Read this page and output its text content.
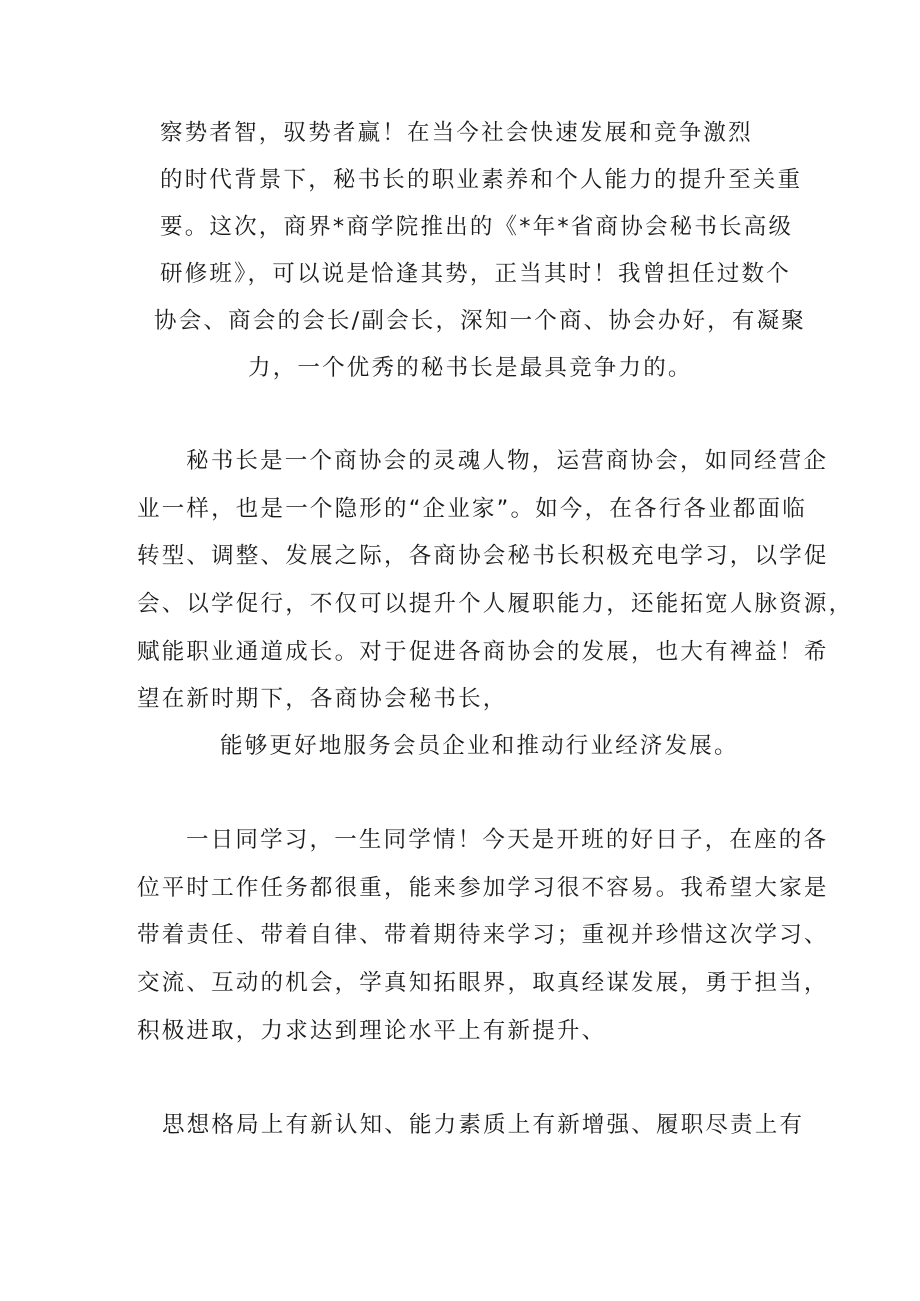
察势者智，驭势者赢！在当今社会快速发展和竞争激烈
的时代背景下，秘书长的职业素养和个人能力的提升至关重
要。这次，商界*商学院推出的《*年*省商协会秘书长高级
研修班》，可以说是恰逢其势，正当其时！我曾担任过数个
协会、商会的会长/副会长，深知一个商、协会办好，有凝聚
力，一个优秀的秘书长是最具竞争力的。
秘书长是一个商协会的灵魂人物，运营商协会，如同经营企
业一样，也是一个隐形的“企业家”。如今，在各行各业都面临
转型、调整、发展之际，各商协会秘书长积极充电学习，以学促
会、以学促行，不仅可以提升个人履职能力，还能拓宽人脉资源，
赋能职业通道成长。对于促进各商协会的发展，也大有裨益！希
望在新时期下，各商协会秘书长，
能够更好地服务会员企业和推动行业经济发展。
一日同学习，一生同学情！今天是开班的好日子，在座的各
位平时工作任务都很重，能来参加学习很不容易。我希望大家是
带着责任、带着自律、带着期待来学习；重视并珍惜这次学习、
交流、互动的机会，学真知拓眼界，取真经谋发展，勇于担当，
积极进取，力求达到理论水平上有新提升、
思想格局上有新认知、能力素质上有新增强、履职尽责上有
